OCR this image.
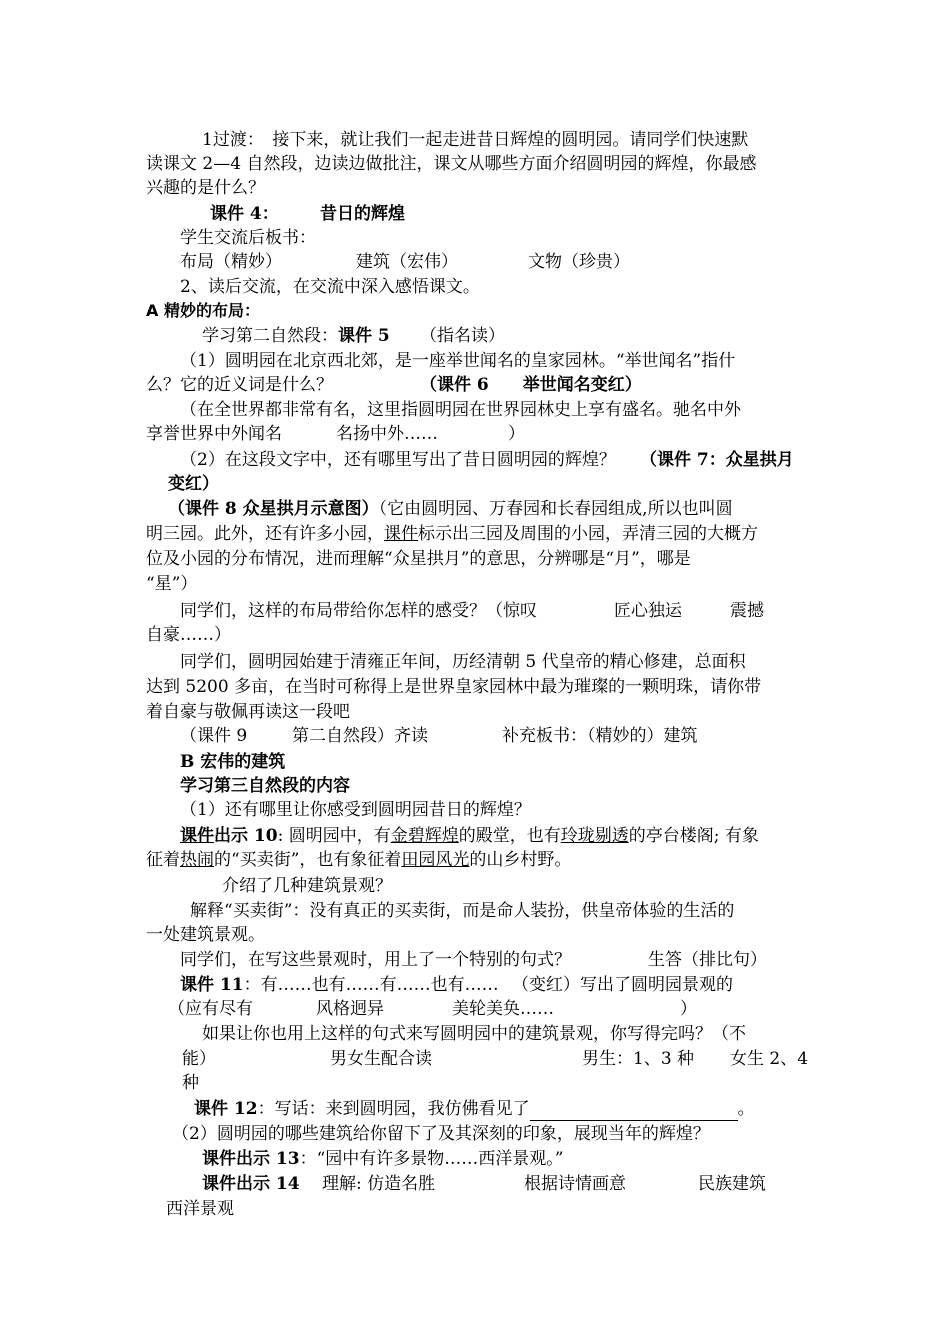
1过渡：　接下来，就让我们一起走进昔日辉煌的圆明园。请同学们快速默

读课文 2—4 自然段，边读边做批注，课文从哪些方面介绍圆明园的辉煌，你最感

兴趣的是什么？

课件 4： 昔日的辉煌

学生交流后板书：

布局（精妙）	建筑（宏伟）	文物（珍贵）

2、读后交流，在交流中深入感悟课文。

A 精妙的布局：

学习第二自然段：课件 5 （指名读）

（1）圆明园在北京西北郊，是一座举世闻名的皇家园林。“举世闻名”指什

么？它的近义词是什么？	（课件 6　　举世闻名变红）

（在全世界都非常有名，这里指圆明园在世界园林史上享有盛名。驰名中外

享誉世界中外闻名	名扬中外……	）

（2）在这段文字中，还有哪里写出了昔日圆明园的辉煌？ （课件 7：众星拱月

变红）

（课件 8 众星拱月示意图）（它由圆明园、万春园和长春园组成,所以也叫圆

明三园。此外，还有许多小园，课件标示出三园及周围的小园，弄清三园的大概方

位及小园的分布情况，进而理解“众星拱月”的意思，分辨哪是“月”，哪是

“星”）

同学们，这样的布局带给你怎样的感受？（惊叹	匠心独运	震撼

自豪……）

同学们，圆明园始建于清雍正年间，历经清朝 5 代皇帝的精心修建，总面积

达到 5200 多亩，在当时可称得上是世界皇家园林中最为璀璨的一颗明珠，请你带

着自豪与敬佩再读这一段吧

（课件 9	第二自然段）齐读	补充板书：（精妙的）建筑

B 宏伟的建筑

学习第三自然段的内容

（1）还有哪里让你感受到圆明园昔日的辉煌？

课件出示 10: 圆明园中，有金碧辉煌的殿堂，也有玲珑剔透的亭台楼阁; 有象

征着热闹的“买卖街”，也有象征着田园风光的山乡村野。

介绍了几种建筑景观？

解释“买卖街”：没有真正的买卖街，而是命人装扮，供皇帝体验的生活的

一处建筑景观。

同学们，在写这些景观时，用上了一个特别的句式？	生答（排比句）

课件 11：有……也有……有……也有…… （变红）写出了圆明园景观的

（应有尽有	风格迥异	美轮美奂……	）

如果让你也用上这样的句式来写圆明园中的建筑景观，你写得完吗？（不

能）	男女生配合读	男生：1、3 种 女生 2、4

种

课件 12：写话：来到圆明园，我仿佛看见了	。

（2）圆明园的哪些建筑给你留下了及其深刻的印象，展现当年的辉煌？

课件出示 13：“园中有许多景物……西洋景观。”

课件出示 14 理解: 仿造名胜	根据诗情画意	民族建筑

西洋景观
